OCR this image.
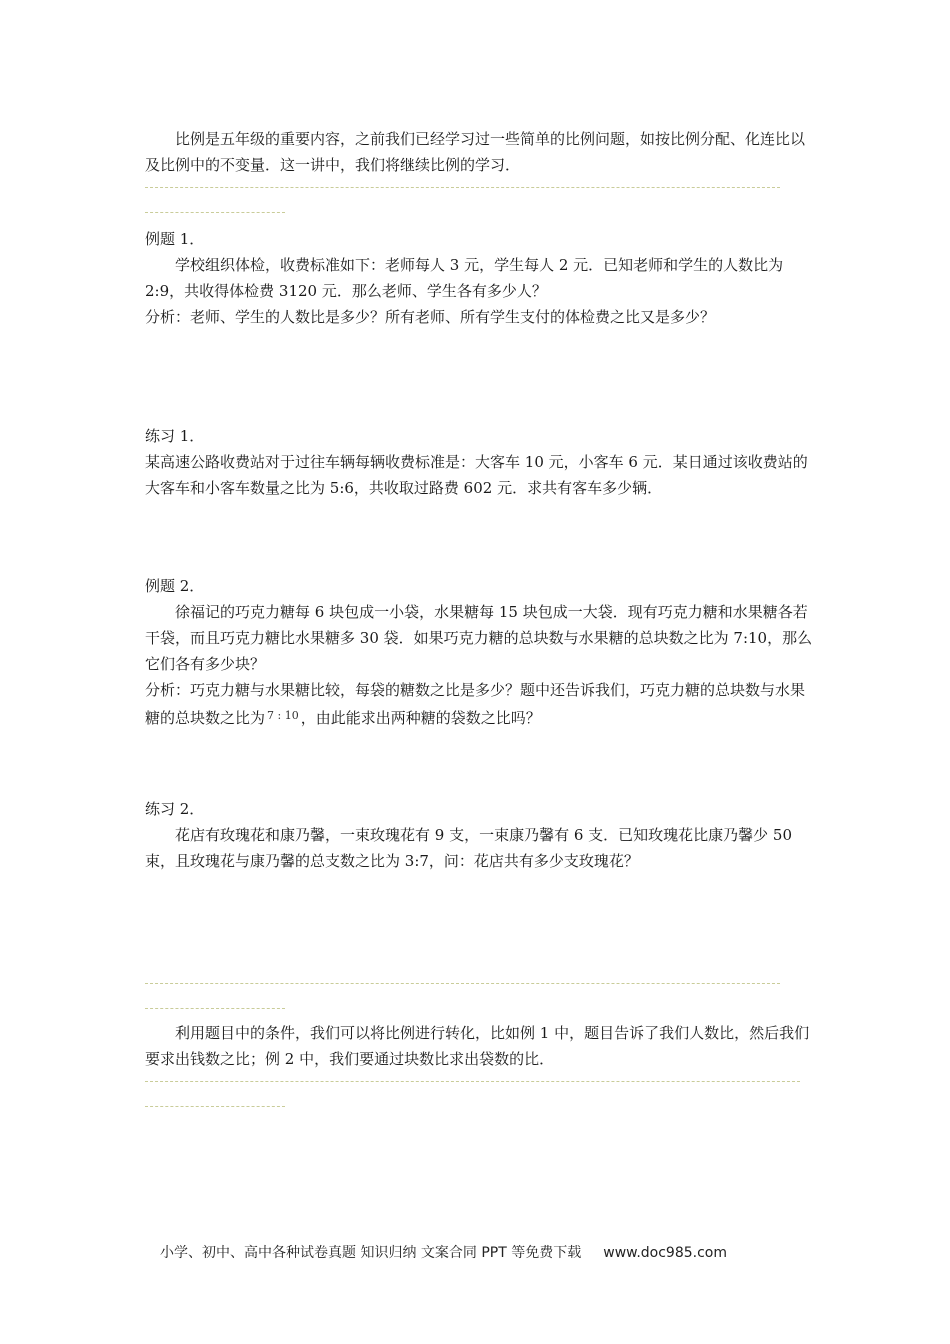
比例是五年级的重要内容，之前我们已经学习过一些简单的比例问题，如按比例分配、化连比以及比例中的不变量．这一讲中，我们将继续比例的学习．

例题 1．

学校组织体检，收费标准如下：老师每人 3 元，学生每人 2 元．已知老师和学生的人数比为 2:9，共收得体检费 3120 元．那么老师、学生各有多少人？

分析：老师、学生的人数比是多少？所有老师、所有学生支付的体检费之比又是多少？

练习 1．

某高速公路收费站对于过往车辆每辆收费标准是：大客车 10 元，小客车 6 元．某日通过该收费站的大客车和小客车数量之比为 5:6，共收取过路费 602 元．求共有客车多少辆．

例题 2．

徐福记的巧克力糖每 6 块包成一小袋，水果糖每 15 块包成一大袋．现有巧克力糖和水果糖各若干袋，而且巧克力糖比水果糖多 30 袋．如果巧克力糖的总块数与水果糖的总块数之比为 7:10，那么它们各有多少块？

分析：巧克力糖与水果糖比较，每袋的糖数之比是多少？题中还告诉我们，巧克力糖的总块数与水果糖的总块数之比为 $^{7 : 10}$ ，由此能求出两种糖的袋数之比吗？

练习 2．

花店有玫瑰花和康乃馨，一束玫瑰花有 9 支，一束康乃馨有 6 支．已知玫瑰花比康乃馨少 50 束，且玫瑰花与康乃馨的总支数之比为 3:7，问：花店共有多少支玫瑰花？

利用题目中的条件，我们可以将比例进行转化，比如例 1 中，题目告诉了我们人数比，然后我们要求出钱数之比；例 2 中，我们要通过块数比求出袋数的比．

小学、初中、高中各种试卷真题 知识归纳 文案合同 PPT 等免费下载 www.doc985.com
